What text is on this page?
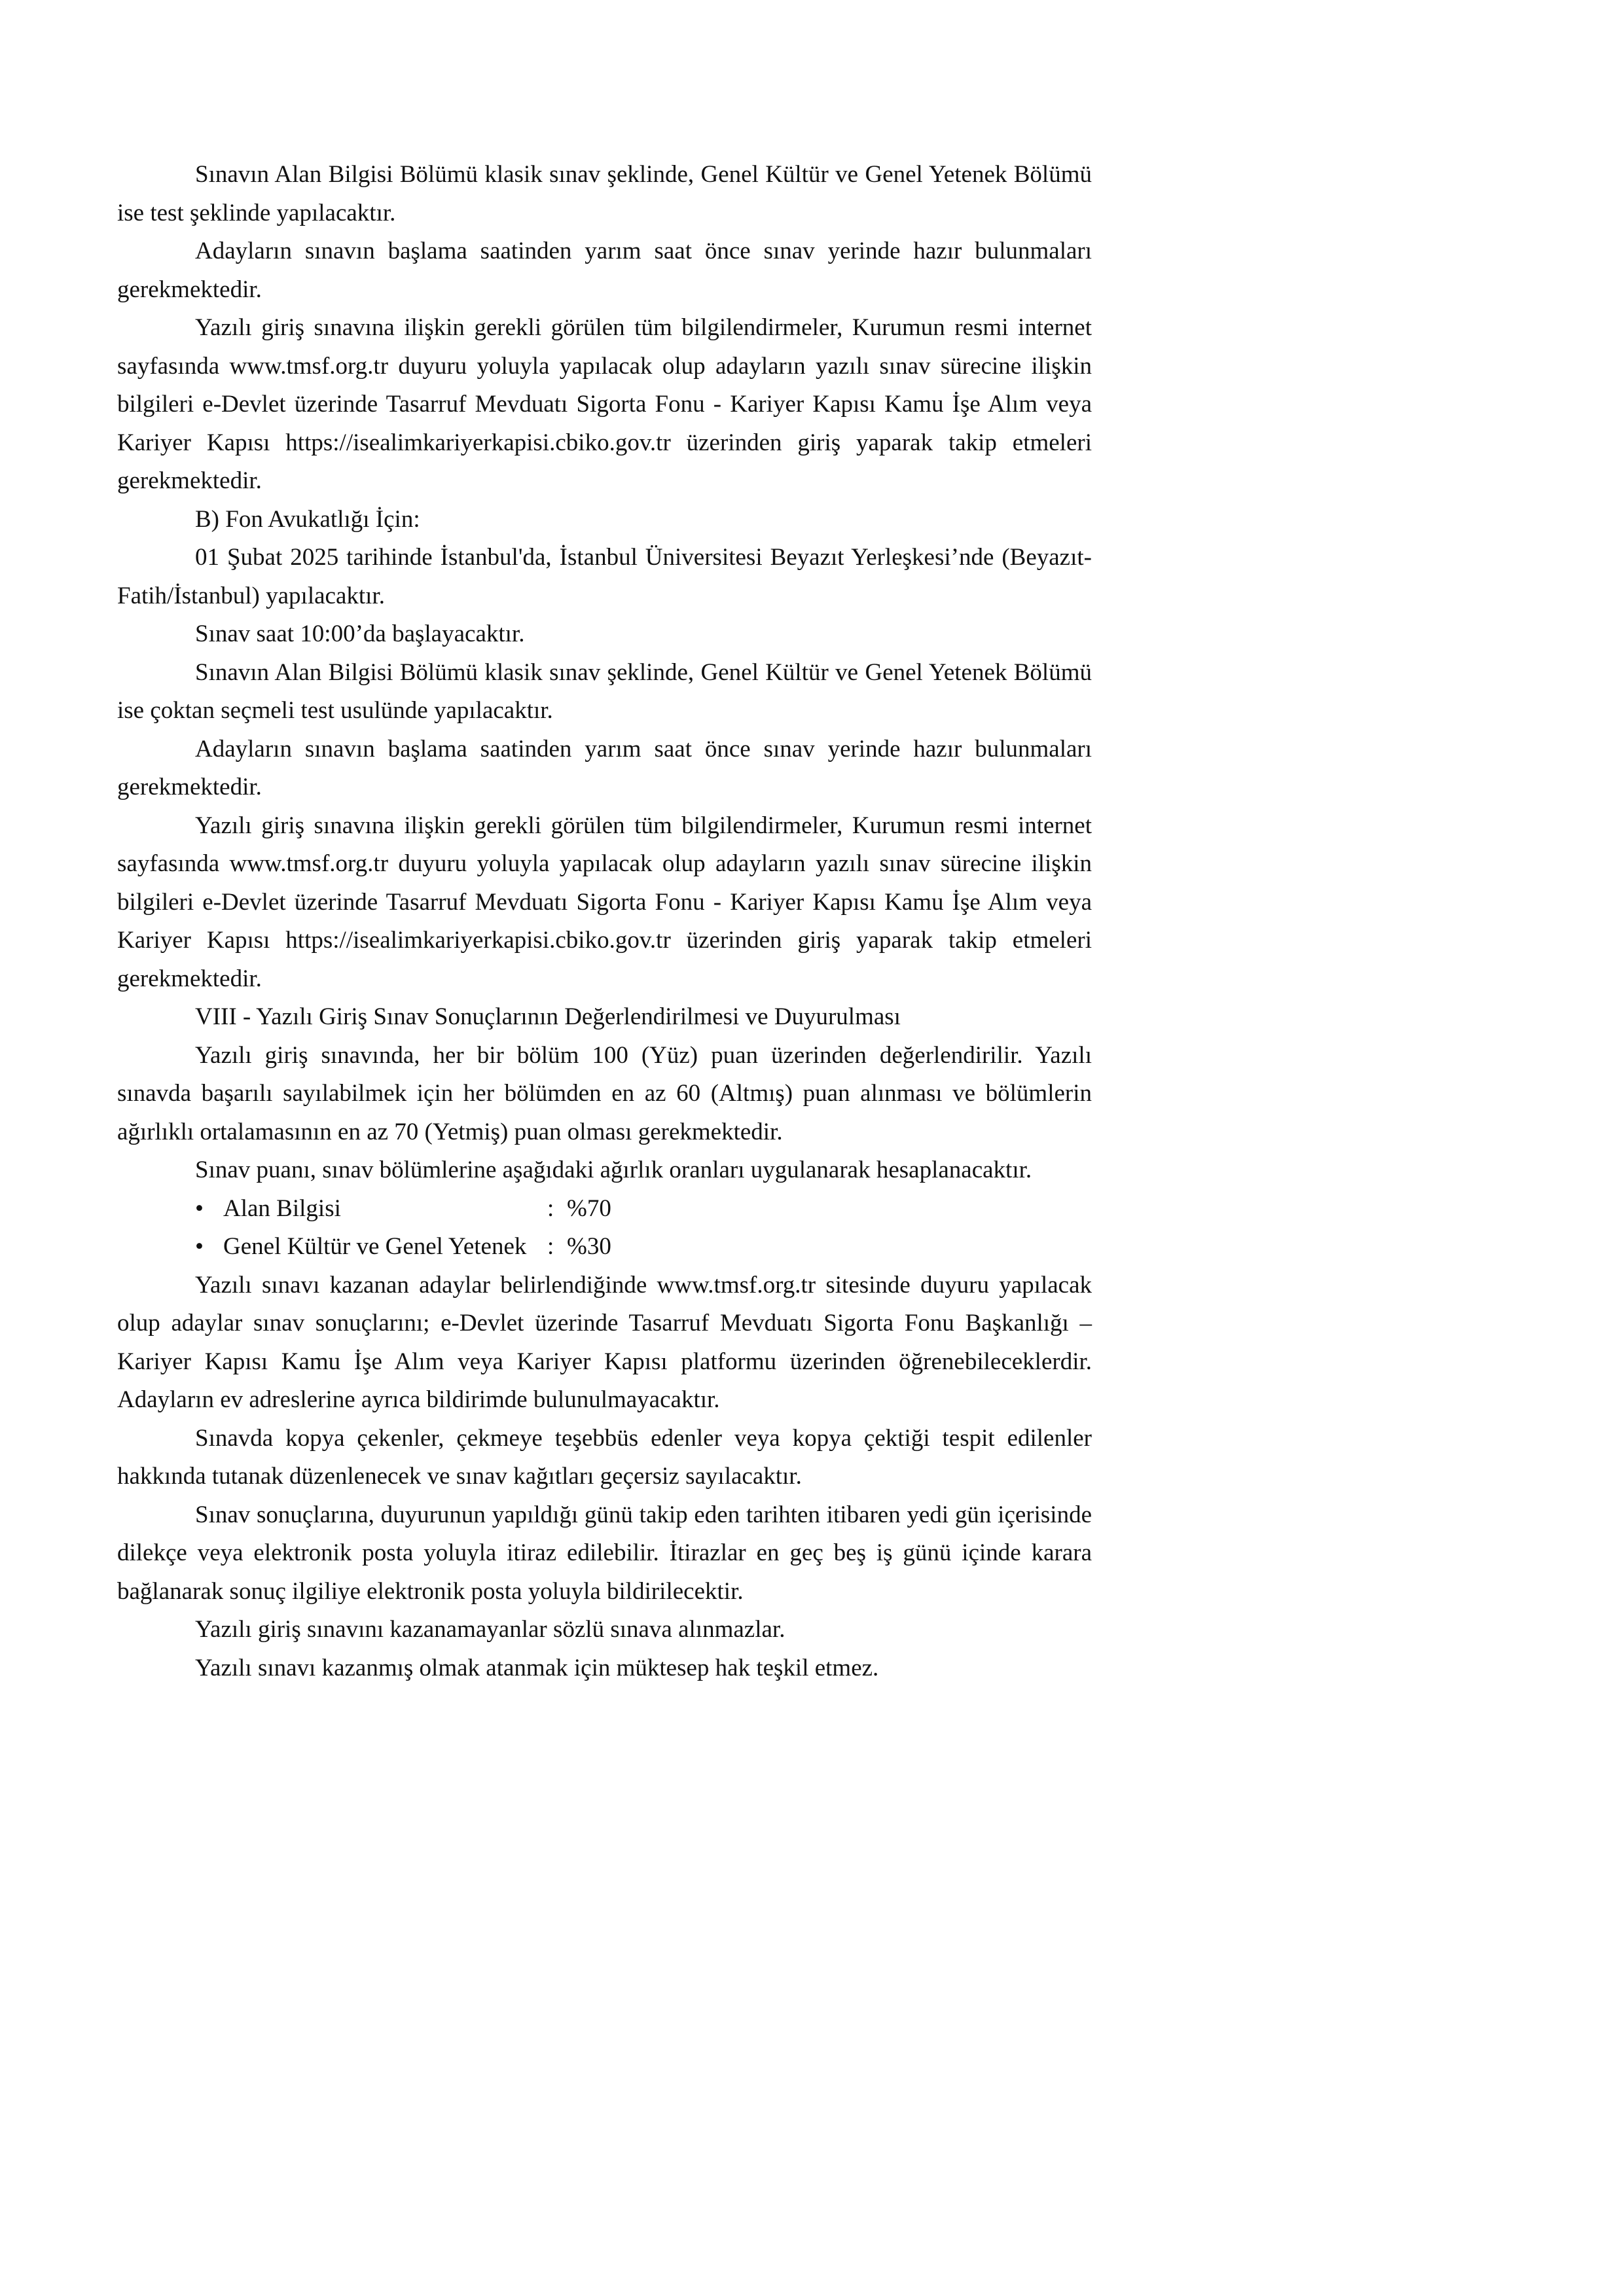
Sınavın Alan Bilgisi Bölümü klasik sınav şeklinde, Genel Kültür ve Genel Yetenek Bölümü ise test şeklinde yapılacaktır.

Adayların sınavın başlama saatinden yarım saat önce sınav yerinde hazır bulunmaları gerekmektedir.

Yazılı giriş sınavına ilişkin gerekli görülen tüm bilgilendirmeler, Kurumun resmi internet sayfasında www.tmsf.org.tr duyuru yoluyla yapılacak olup adayların yazılı sınav sürecine ilişkin bilgileri e-Devlet üzerinde Tasarruf Mevduatı Sigorta Fonu - Kariyer Kapısı Kamu İşe Alım veya Kariyer Kapısı https://isealimkariyerkapisi.cbiko.gov.tr üzerinden giriş yaparak takip etmeleri gerekmektedir.

B) Fon Avukatlığı İçin:

01 Şubat 2025 tarihinde İstanbul'da, İstanbul Üniversitesi Beyazıt Yerleşkesi’nde (Beyazıt-Fatih/İstanbul) yapılacaktır.

Sınav saat 10:00’da başlayacaktır.

Sınavın Alan Bilgisi Bölümü klasik sınav şeklinde, Genel Kültür ve Genel Yetenek Bölümü ise çoktan seçmeli test usulünde yapılacaktır.

Adayların sınavın başlama saatinden yarım saat önce sınav yerinde hazır bulunmaları gerekmektedir.

Yazılı giriş sınavına ilişkin gerekli görülen tüm bilgilendirmeler, Kurumun resmi internet sayfasında www.tmsf.org.tr duyuru yoluyla yapılacak olup adayların yazılı sınav sürecine ilişkin bilgileri e-Devlet üzerinde Tasarruf Mevduatı Sigorta Fonu - Kariyer Kapısı Kamu İşe Alım veya Kariyer Kapısı https://isealimkariyerkapisi.cbiko.gov.tr üzerinden giriş yaparak takip etmeleri gerekmektedir.

VIII - Yazılı Giriş Sınav Sonuçlarının Değerlendirilmesi ve Duyurulması

Yazılı giriş sınavında, her bir bölüm 100 (Yüz) puan üzerinden değerlendirilir. Yazılı sınavda başarılı sayılabilmek için her bölümden en az 60 (Altmış) puan alınması ve bölümlerin ağırlıklı ortalamasının en az 70 (Yetmiş) puan olması gerekmektedir.

Sınav puanı, sınav bölümlerine aşağıdaki ağırlık oranları uygulanarak hesaplanacaktır.

• Alan Bilgisi	: %70
• Genel Kültür ve Genel Yetenek : %30

Yazılı sınavı kazanan adaylar belirlendiğinde www.tmsf.org.tr sitesinde duyuru yapılacak olup adaylar sınav sonuçlarını; e-Devlet üzerinde Tasarruf Mevduatı Sigorta Fonu Başkanlığı – Kariyer Kapısı Kamu İşe Alım veya Kariyer Kapısı platformu üzerinden öğrenebileceklerdir. Adayların ev adreslerine ayrıca bildirimde bulunulmayacaktır.

Sınavda kopya çekenler, çekmeye teşebbüs edenler veya kopya çektiği tespit edilenler hakkında tutanak düzenlenecek ve sınav kağıtları geçersiz sayılacaktır.

Sınav sonuçlarına, duyurunun yapıldığı günü takip eden tarihten itibaren yedi gün içerisinde dilekçe veya elektronik posta yoluyla itiraz edilebilir. İtirazlar en geç beş iş günü içinde karara bağlanarak sonuç ilgiliye elektronik posta yoluyla bildirilecektir.

Yazılı giriş sınavını kazanamayanlar sözlü sınava alınmazlar.

Yazılı sınavı kazanmış olmak atanmak için müktesep hak teşkil etmez.
